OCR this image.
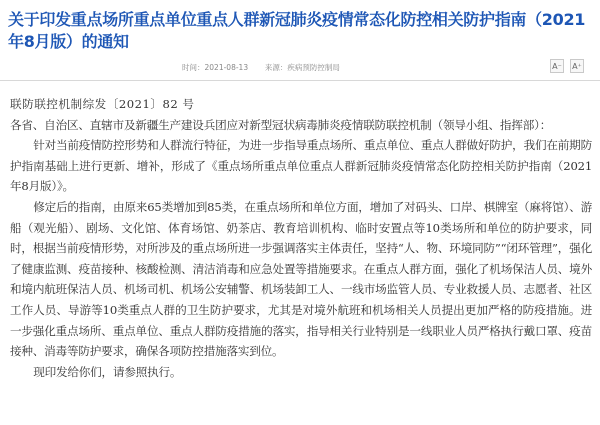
关于印发重点场所重点单位重点人群新冠肺炎疫情常态化防控相关防护指南（2021年8月版）的通知
时间：2021-08-13 来源：疾病预防控制局	A⁻ A⁺

联防联控机制综发〔2021〕82 号

各省、自治区、直辖市及新疆生产建设兵团应对新型冠状病毒肺炎疫情联防联控机制（领导小组、指挥部）：

针对当前疫情防控形势和人群流行特征，为进一步指导重点场所、重点单位、重点人群做好防护，我们在前期防护指南基础上进行更新、增补，形成了《重点场所重点单位重点人群新冠肺炎疫情常态化防控相关防护指南（2021年8月版）》。

修定后的指南，由原来65类增加到85类，在重点场所和单位方面，增加了对码头、口岸、棋牌室（麻将馆）、游船（观光船）、剧场、文化馆、体育场馆、奶茶店、教育培训机构、临时安置点等10类场所和单位的防护要求，同时，根据当前疫情形势，对所涉及的重点场所进一步强调落实主体责任，坚持“人、物、环境同防”“闭环管理”，强化了健康监测、疫苗接种、核酸检测、清洁消毒和应急处置等措施要求。在重点人群方面，强化了机场保洁人员、境外和境内航班保洁人员、机场司机、机场公安辅警、机场装卸工人、一线市场监管人员、专业救援人员、志愿者、社区工作人员、导游等10类重点人群的卫生防护要求，尤其是对境外航班和机场相关人员提出更加严格的防疫措施。进一步强化重点场所、重点单位、重点人群防疫措施的落实，指导相关行业特别是一线职业人员严格执行戴口罩、疫苗接种、消毒等防护要求，确保各项防控措施落实到位。

现印发给你们，请参照执行。
